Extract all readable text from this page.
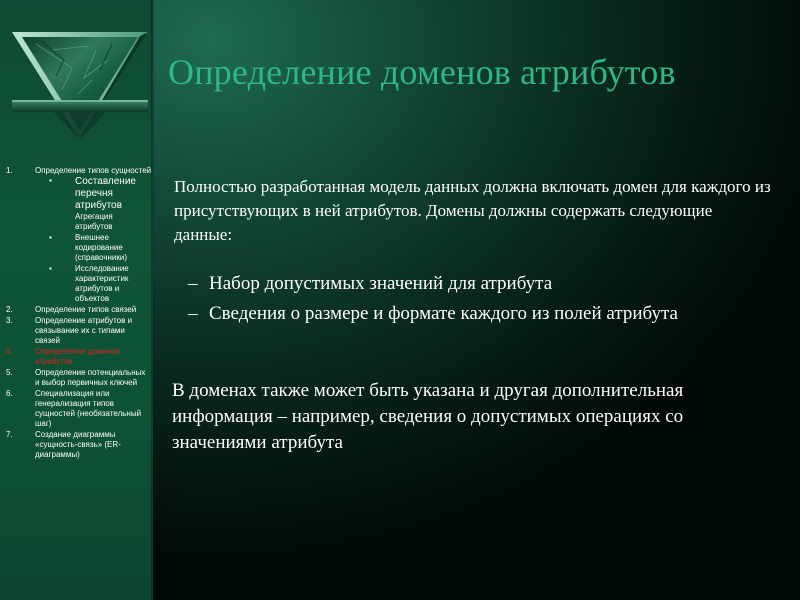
1.	Определение типов сущностей
▪ Составление перечня атрибутов
Агрегация атрибутов
▪	Внешнее кодирование (справочники)
▪	Исследование характеристик атрибутов и объектов
2.	Определение типов связей
3.	Определение атрибутов и связывание их с типами связей
4.	Определение доменов атрибутов
5.	Определение потенциальных и выбор первичных ключей
6.	Специализация или генерализация типов сущностей (необязательный шаг)
7.	Создание диаграммы «сущность-связь» (ER-диаграммы)
Определение доменов атрибутов

Полностью разработанная модель данных должна включать домен для каждого из присутствующих в ней атрибутов. Домены должны содержать следующие данные:

– Набор допустимых значений для атрибута
– Сведения о размере и формате каждого из полей атрибута

В доменах также может быть указана и другая дополнительная информация – например, сведения о допустимых операциях со значениями атрибута
